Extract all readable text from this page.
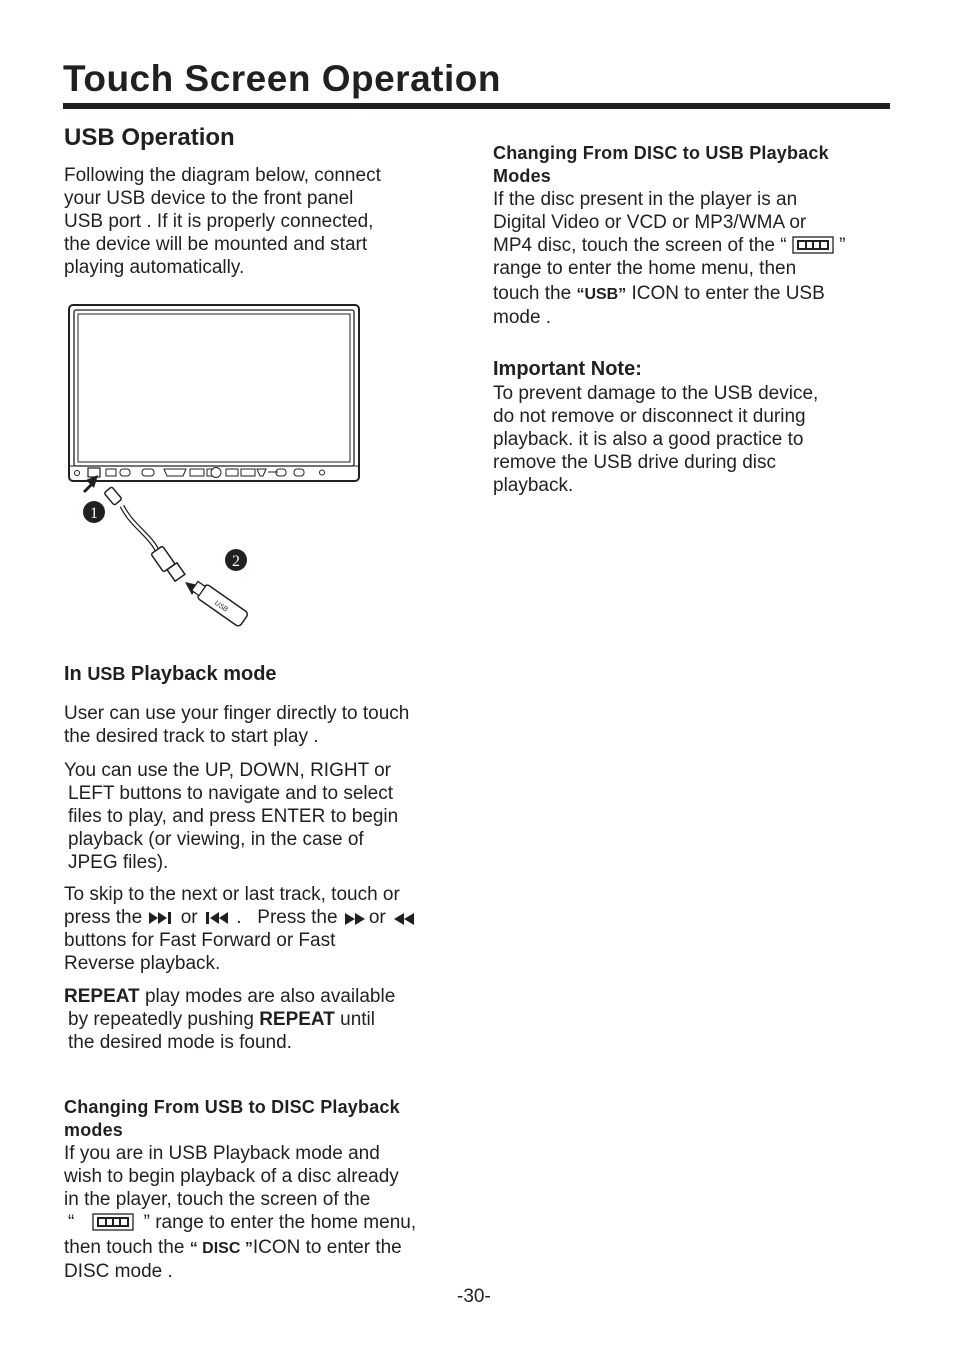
Touch Screen Operation
USB Operation
Following the diagram below, connect
your USB device to the front panel
USB port . If it is properly connected,
the device will be mounted and start
playing automatically.
USB
1
2
In USB Playback mode
User can use your finger directly to touch
the desired track to start play .
You can use the UP, DOWN, RIGHT or
LEFT buttons to navigate and to select
files to play, and press ENTER to begin
playback (or viewing, in the case of
JPEG files).
To skip to the next or last track, touch or
press the or .   Press the or
buttons for Fast Forward or Fast
Reverse playback.
REPEAT play modes are also available
by repeatedly pushing REPEAT until
the desired mode is found.
Changing From USB to DISC Playback
modes
If you are in USB Playback mode and
wish to begin playback of a disc already
in the player, touch the screen of the
“	” range to enter the home menu,
then touch the “ DISC ”ICON to enter the
DISC mode .
Changing From DISC to USB Playback
Modes
If the disc present in the player is an
Digital Video or VCD or MP3/WMA or
MP4 disc, touch the screen of the “	”
range to enter the home menu, then
touch the “USB” ICON to enter the USB
mode .
Important Note:
To prevent damage to the USB device,
do not remove or disconnect it during
playback. it is also a good practice to
remove the USB drive during disc
playback.
-30-
